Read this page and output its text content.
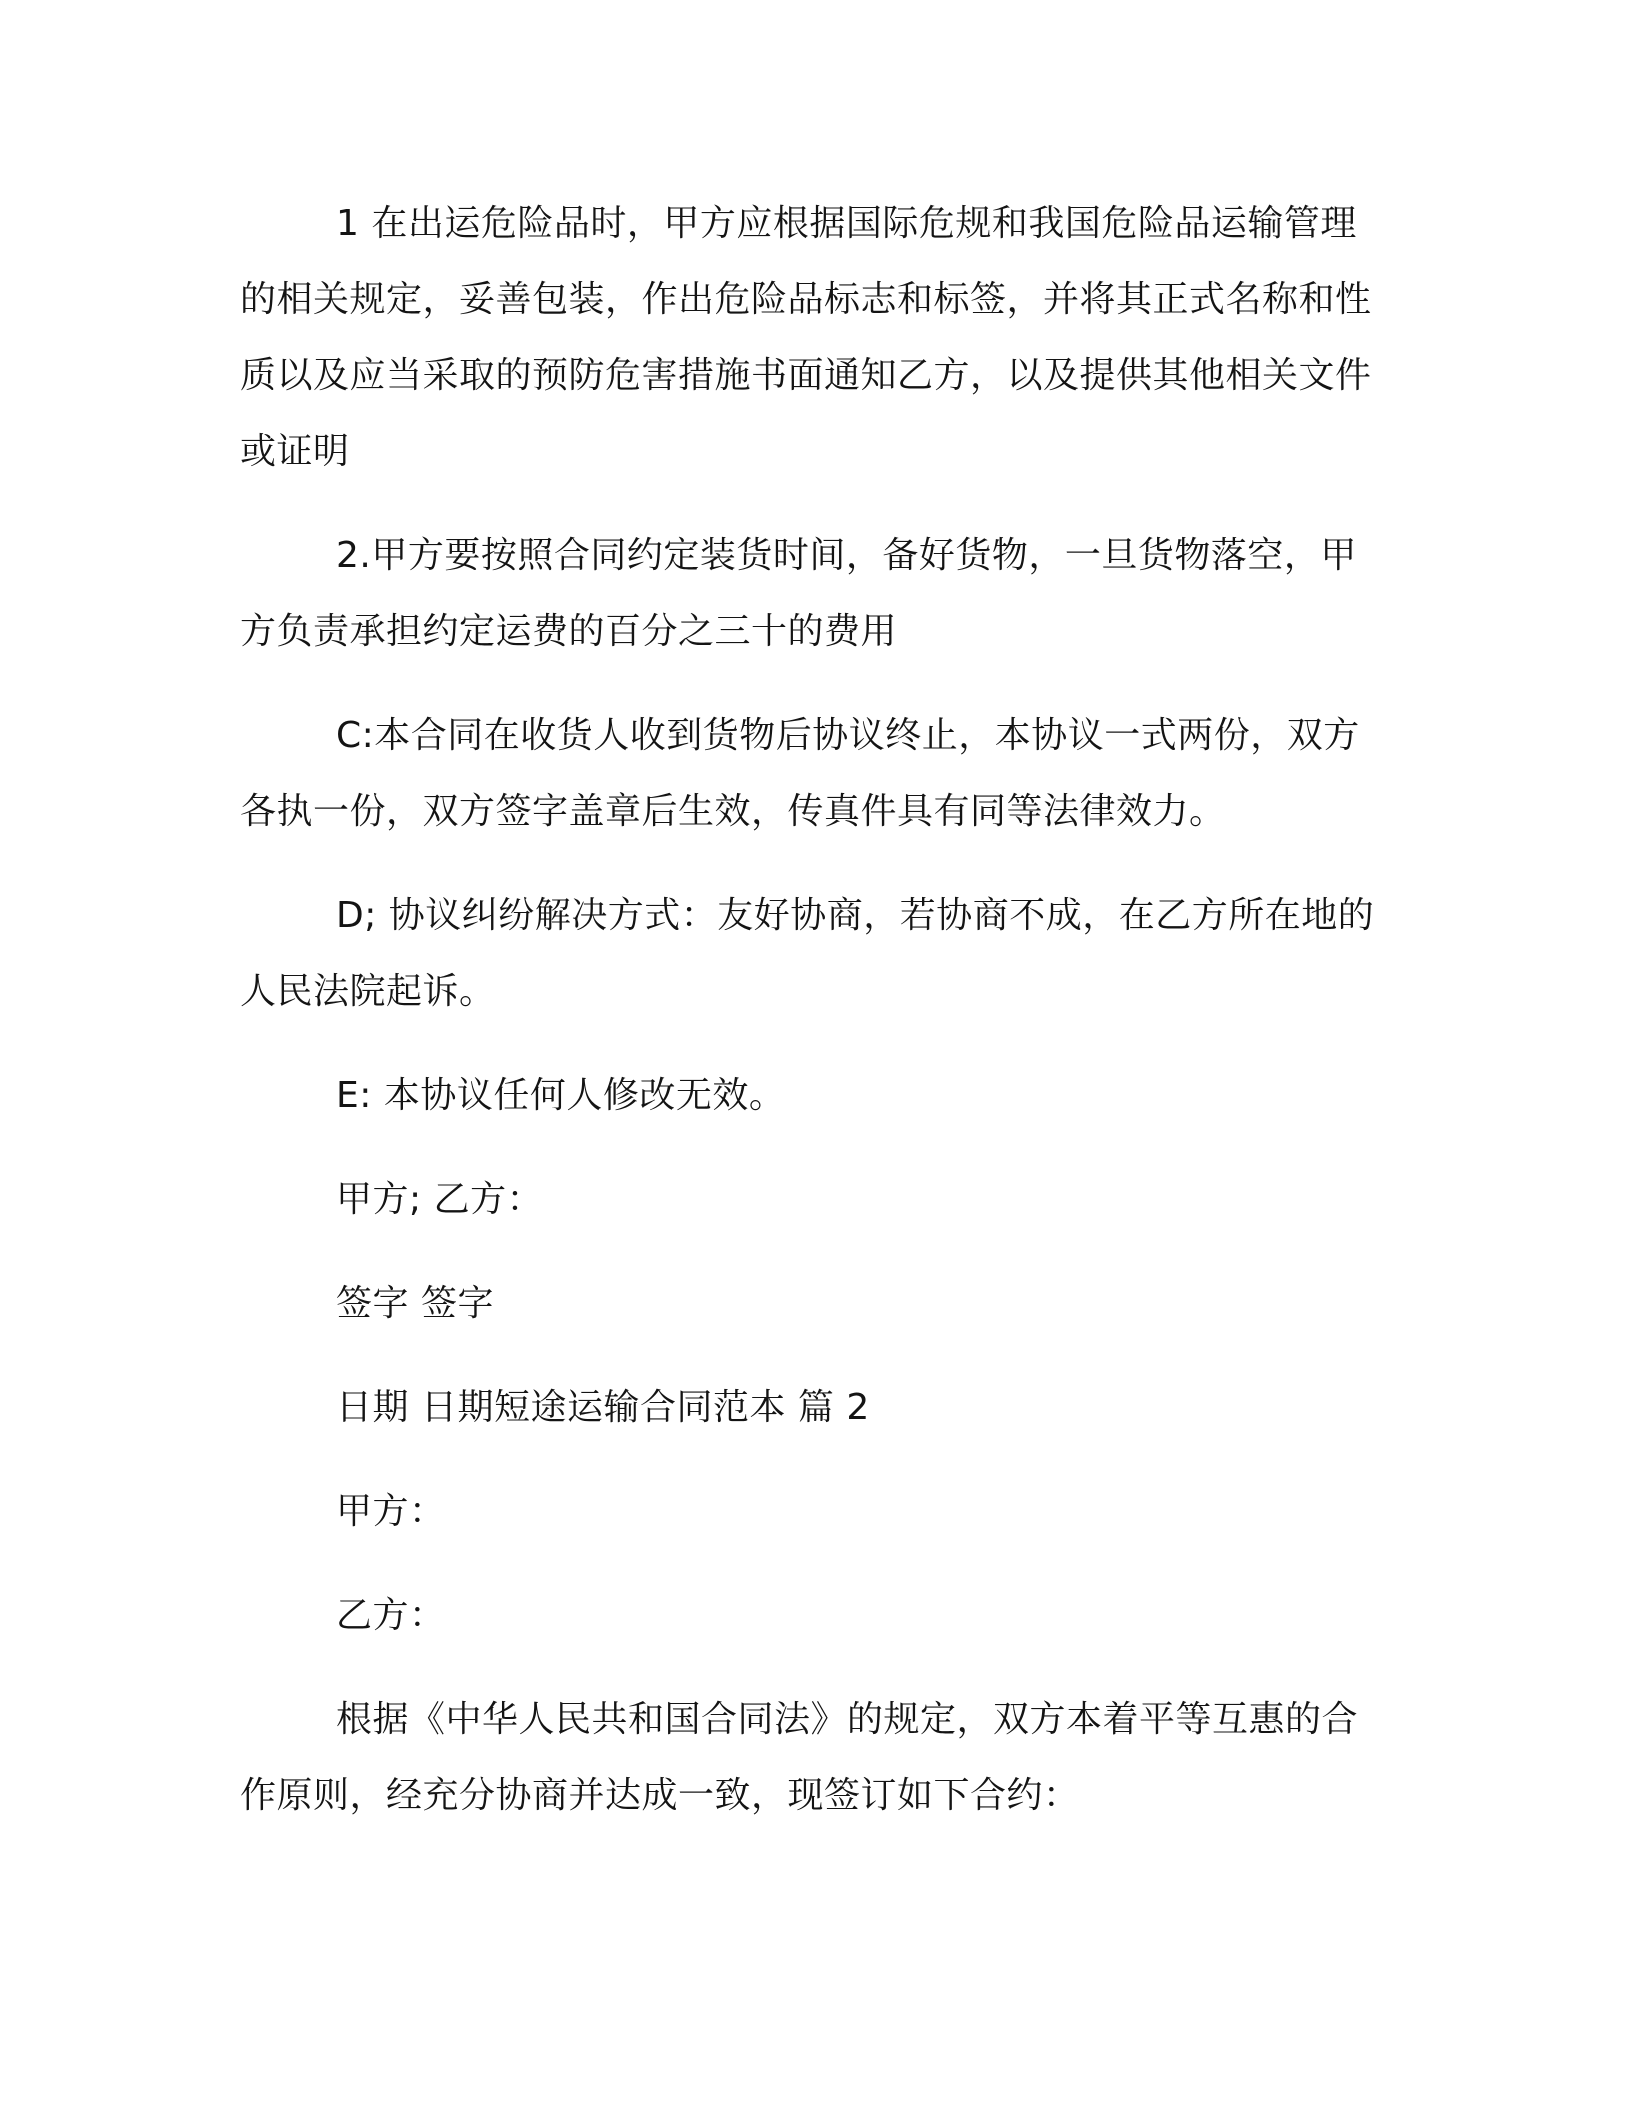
1 在出运危险品时，甲方应根据国际危规和我国危险品运输管理的相关规定，妥善包装，作出危险品标志和标签，并将其正式名称和性质以及应当采取的预防危害措施书面通知乙方，以及提供其他相关文件或证明

2.甲方要按照合同约定装货时间，备好货物，一旦货物落空，甲方负责承担约定运费的百分之三十的费用

C:本合同在收货人收到货物后协议终止，本协议一式两份，双方各执一份，双方签字盖章后生效，传真件具有同等法律效力。

D; 协议纠纷解决方式：友好协商，若协商不成，在乙方所在地的人民法院起诉。

E: 本协议任何人修改无效。

甲方; 乙方：

签字 签字

日期 日期短途运输合同范本 篇 2

甲方：

乙方：

根据《中华人民共和国合同法》的规定，双方本着平等互惠的合作原则，经充分协商并达成一致，现签订如下合约：
